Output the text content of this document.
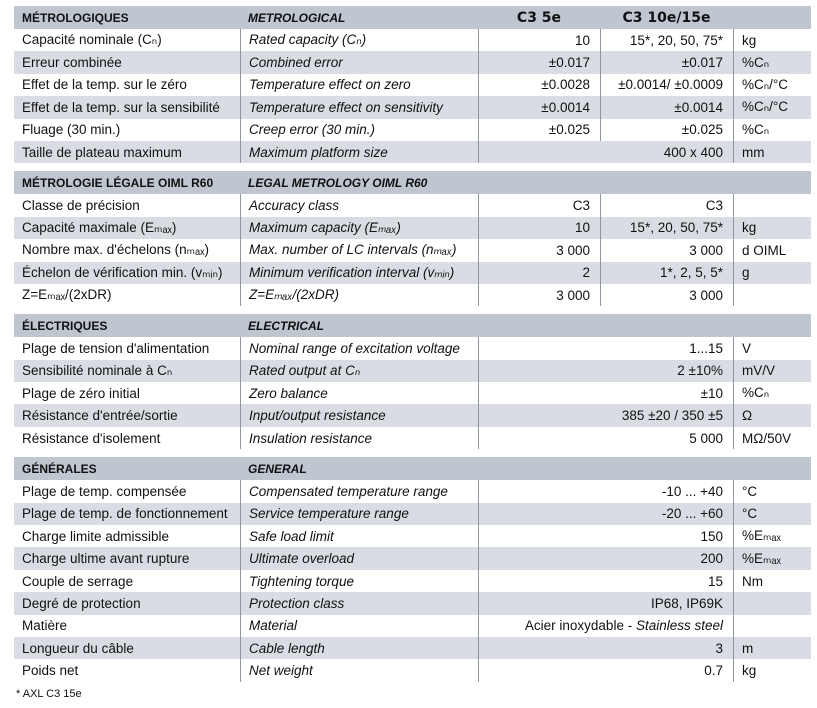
MÉTROLOGIQUES	METROLOGICAL	C3 5e	C3 10e/15e
Capacité nominale (Cₙ)	Rated capacity (Cₙ)	10	15*, 20, 50, 75*	kg
Erreur combinée	Combined error	±0.017	±0.017	%Cₙ
Effet de la temp. sur le zéro	Temperature effect on zero	±0.0028	±0.0014/ ±0.0009	%Cₙ/°C
Effet de la temp. sur la sensibilité	Temperature effect on sensitivity	±0.0014	±0.0014	%Cₙ/°C
Fluage (30 min.)	Creep error (30 min.)	±0.025	±0.025	%Cₙ
Taille de plateau maximum	Maximum platform size	400 x 400	mm
MÉTROLOGIE LÉGALE OIML R60	LEGAL METROLOGY OIML R60
Classe de précision	Accuracy class	C3	C3
Capacité maximale (Eₘₐₓ)	Maximum capacity (Eₘₐₓ)	10	15*, 20, 50, 75*	kg
Nombre max. d'échelons (nₘₐₓ)	Max. number of LC intervals (nₘₐₓ)	3 000	3 000	d OIML
Échelon de vérification min. (vₘᵢₙ)	Minimum verification interval (vₘᵢₙ)	2	1*, 2, 5, 5*	g
Z=Eₘₐₓ/(2xDR)	Z=Eₘₐₓ/(2xDR)	3 000	3 000
ÉLECTRIQUES	ELECTRICAL
Plage de tension d'alimentation	Nominal range of excitation voltage	1...15	V
Sensibilité nominale à Cₙ	Rated output at Cₙ	2 ±10%	mV/V
Plage de zéro initial	Zero balance	±10	%Cₙ
Résistance d'entrée/sortie	Input/output resistance	385 ±20 / 350 ±5	Ω
Résistance d'isolement	Insulation resistance	5 000	MΩ/50V
GÉNÉRALES	GENERAL
Plage de temp. compensée	Compensated temperature range	-10 ... +40	°C
Plage de temp. de fonctionnement	Service temperature range	-20 ... +60	°C
Charge limite admissible	Safe load limit	150	%Eₘₐₓ
Charge ultime avant rupture	Ultimate overload	200	%Eₘₐₓ
Couple de serrage	Tightening torque	15	Nm
Degré de protection	Protection class	IP68, IP69K
Matière	Material	Acier inoxydable - Stainless steel
Longueur du câble	Cable length	3	m
Poids net	Net weight	0.7	kg
* AXL C3 15e
